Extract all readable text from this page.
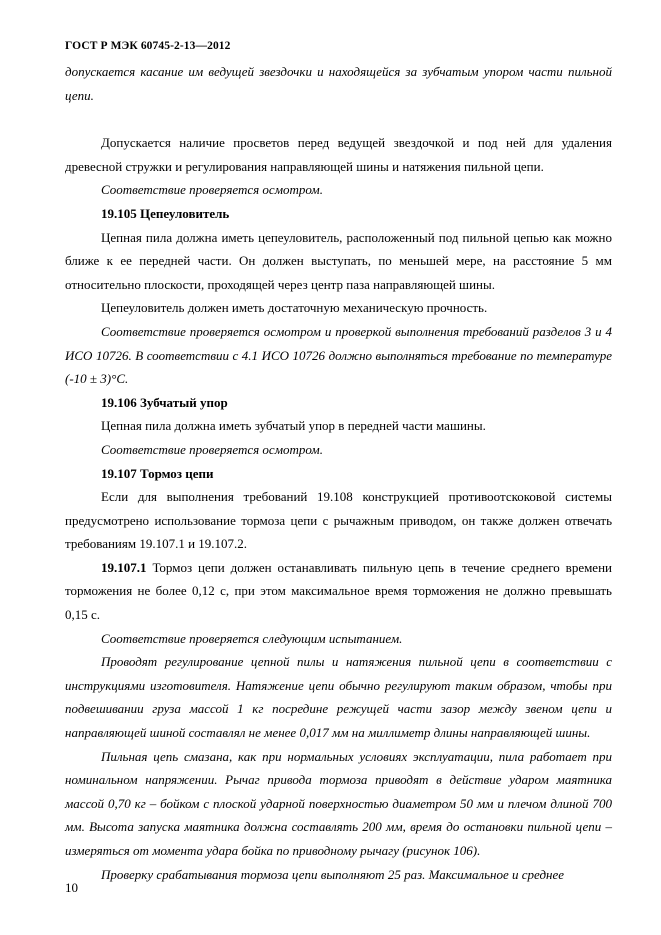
ГОСТ Р МЭК 60745-2-13—2012

допускается касание им ведущей звездочки и находящейся за зубчатым упором части пильной цепи.

Допускается наличие просветов перед ведущей звездочкой и под ней для удаления древесной стружки и регулирования направляющей шины и натяжения пильной цепи.

Соответствие проверяется осмотром.

19.105 Цепеуловитель

Цепная пила должна иметь цепеуловитель, расположенный под пильной цепью как можно ближе к ее передней части. Он должен выступать, по меньшей мере, на расстояние 5 мм относительно плоскости, проходящей через центр паза направляющей шины.

Цепеуловитель должен иметь достаточную механическую прочность.

Соответствие проверяется осмотром и проверкой выполнения требований разделов 3 и 4 ИСО 10726. В соответствии с 4.1 ИСО 10726 должно выполняться требование по температуре (-10 ± 3)°С.

19.106 Зубчатый упор

Цепная пила должна иметь зубчатый упор в передней части машины.

Соответствие проверяется осмотром.

19.107 Тормоз цепи

Если для выполнения требований 19.108 конструкцией противоотскоковой системы предусмотрено использование тормоза цепи с рычажным приводом, он также должен отвечать требованиям 19.107.1 и 19.107.2.

19.107.1 Тормоз цепи должен останавливать пильную цепь в течение среднего времени торможения не более 0,12 с, при этом максимальное время торможения не должно превышать 0,15 с.

Соответствие проверяется следующим испытанием.

Проводят регулирование цепной пилы и натяжения пильной цепи в соответствии с инструкциями изготовителя. Натяжение цепи обычно регулируют таким образом, чтобы при подвешивании груза массой 1 кг посредине режущей части зазор между звеном цепи и направляющей шиной составлял не менее 0,017 мм на миллиметр длины направляющей шины.

Пильная цепь смазана, как при нормальных условиях эксплуатации, пила работает при номинальном напряжении. Рычаг привода тормоза приводят в действие ударом маятника массой 0,70 кг – бойком с плоской ударной поверхностью диаметром 50 мм и плечом длиной 700 мм. Высота запуска маятника должна составлять 200 мм, время до остановки пильной цепи – измеряться от момента удара бойка по приводному рычагу (рисунок 106).

Проверку срабатывания тормоза цепи выполняют 25 раз. Максимальное и среднее

10
